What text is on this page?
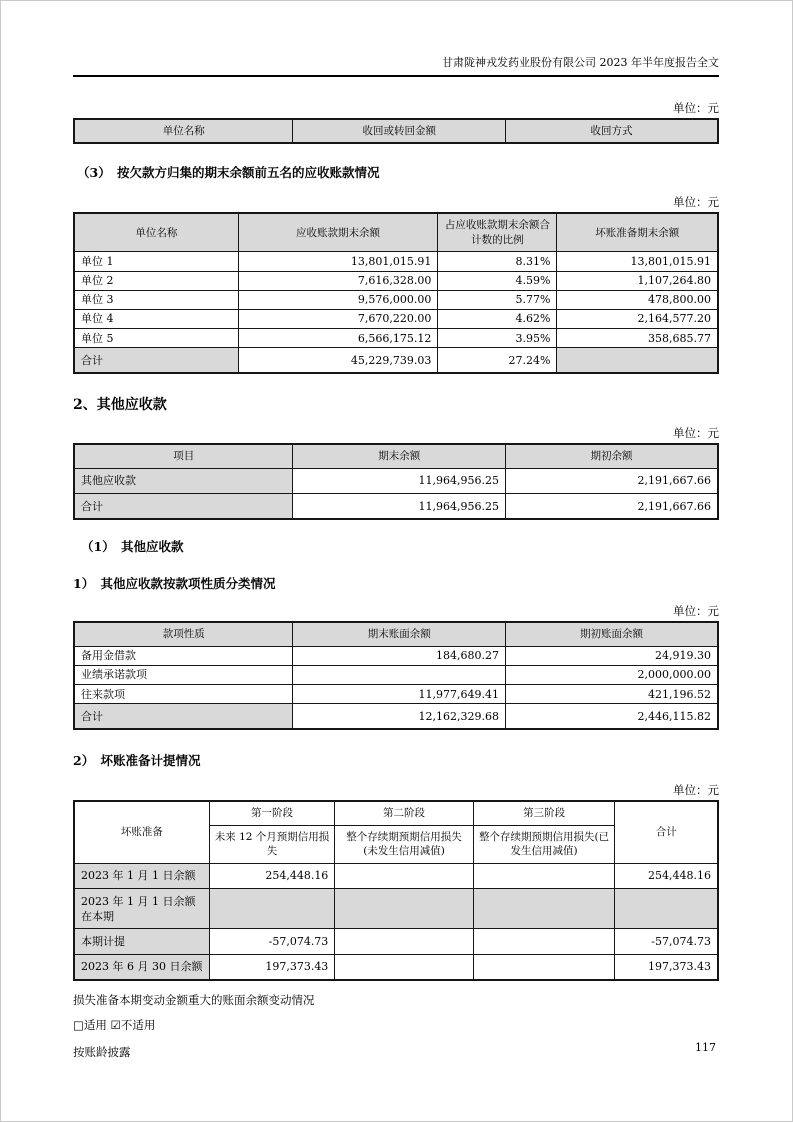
甘肃陇神戎发药业股份有限公司 2023 年半年度报告全文
单位：元
单位名称	收回或转回金额	收回方式
（3）　按欠款方归集的期末余额前五名的应收账款情况
单位：元
单位名称	应收账款期末余额	占应收账款期末余额合计数的比例	坏账准备期末余额
单位 1	13,801,015.91	8.31%	13,801,015.91
单位 2	7,616,328.00	4.59%	1,107,264.80
单位 3	9,576,000.00	5.77%	478,800.00
单位 4	7,670,220.00	4.62%	2,164,577.20
单位 5	6,566,175.12	3.95%	358,685.77
合计	45,229,739.03	27.24%	
2、其他应收款
单位：元
项目	期末余额	期初余额
其他应收款	11,964,956.25	2,191,667.66
合计	11,964,956.25	2,191,667.66
（1）　其他应收款
1）　其他应收款按款项性质分类情况
单位：元
款项性质	期末账面余额	期初账面余额
备用金借款	184,680.27	24,919.30
业绩承诺款项		2,000,000.00
往来款项	11,977,649.41	421,196.52
合计	12,162,329.68	2,446,115.82
2）　坏账准备计提情况
单位：元
坏账准备	第一阶段	第二阶段	第三阶段	合计
	未来 12 个月预期信用损失	整个存续期预期信用损失(未发生信用减值)	整个存续期预期信用损失(已发生信用减值)	
2023 年 1 月 1 日余额	254,448.16			254,448.16
2023 年 1 月 1 日余额在本期				
本期计提	-57,074.73			-57,074.73
2023 年 6 月 30 日余额	197,373.43			197,373.43
损失准备本期变动金额重大的账面余额变动情况
□适用 ☑不适用
按账龄披露	117
